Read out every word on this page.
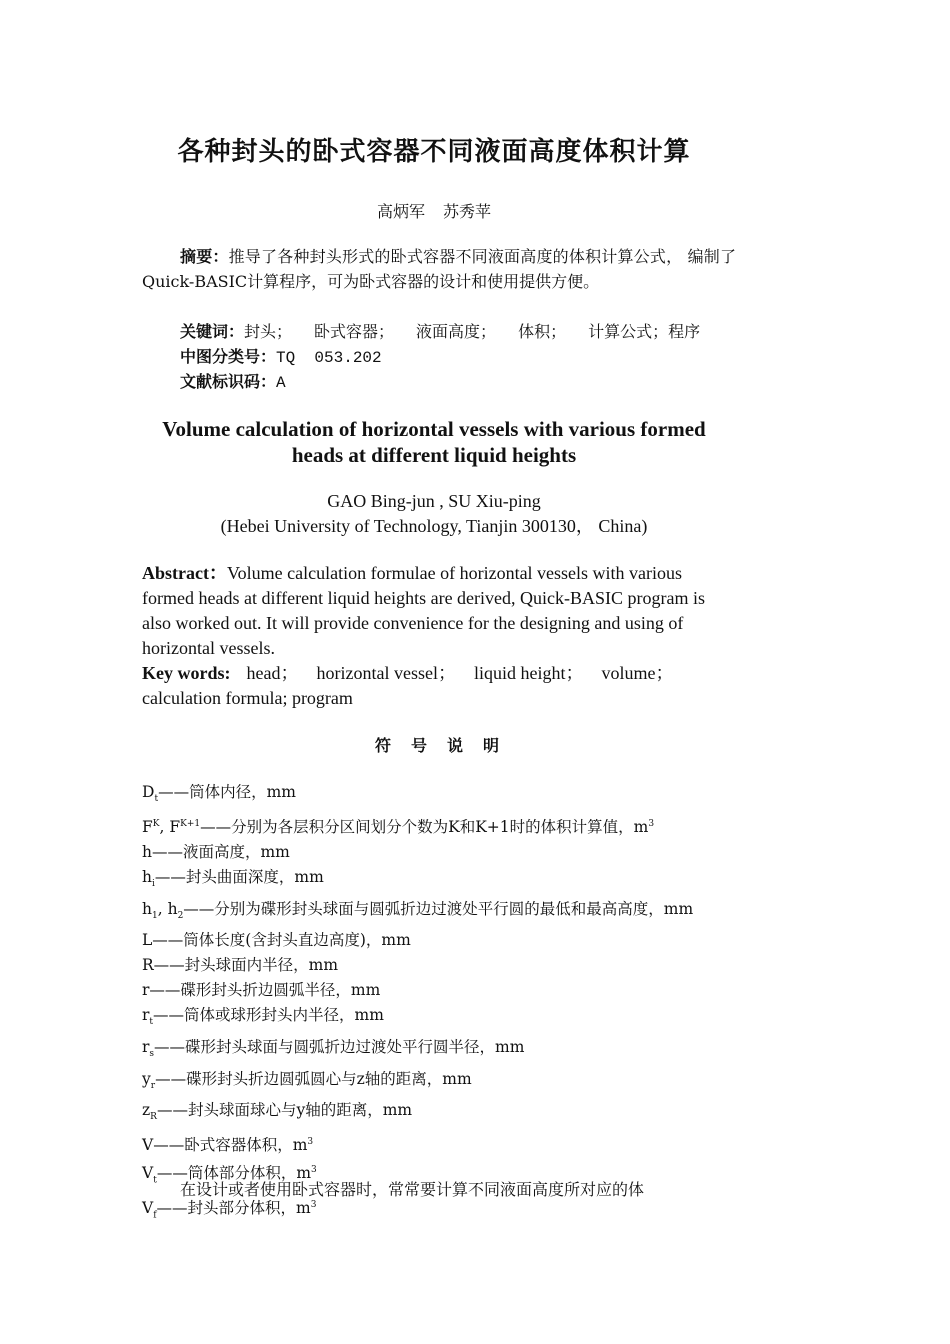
各种封头的卧式容器不同液面高度体积计算
高炳军 苏秀苹
摘要：推导了各种封头形式的卧式容器不同液面高度的体积计算公式， 编制了Quick-BASIC计算程序，可为卧式容器的设计和使用提供方便。
关键词：封头； 卧式容器； 液面高度； 体积； 计算公式；程序
中图分类号：TQ  053.202
文献标识码：A
Volume calculation of horizontal vessels with various formed
heads at different liquid heights
GAO Bing-jun , SU Xiu-ping
(Hebei University of Technology, Tianjin 300130， China)
Abstract：Volume calculation formulae of horizontal vessels with various formed heads at different liquid heights are derived, Quick-BASIC program is also worked out. It will provide convenience for the designing and using of horizontal vessels.
Key words: head； horizontal vessel； liquid height； volume；calculation formula; program
符号说明
$D_t——$筒体内径，mm
$F^K$, $F^{K+1}——$分别为各层积分区间划分个数为K和K+1时的体积计算值，$m^3$
h——液面高度，mm
$h_i——$封头曲面深度，mm
$h_1$, $h_2——$分别为碟形封头球面与圆弧折边过渡处平行圆的最低和最高高度，mm
L——筒体长度(含封头直边高度)，mm
R——封头球面内半径，mm
r——碟形封头折边圆弧半径，mm
$r_t——$筒体或球形封头内半径，mm
$r_s——$碟形封头球面与圆弧折边过渡处平行圆半径，mm
$y_r——$碟形封头折边圆弧圆心与z轴的距离，mm
$z_R——$封头球面球心与y轴的距离，mm
V——卧式容器体积，$m^3$
$V_t——$筒体部分体积，$m^3$
$V_f——$封头部分体积，$m^3$
在设计或者使用卧式容器时，常常要计算不同液面高度所对应的体
